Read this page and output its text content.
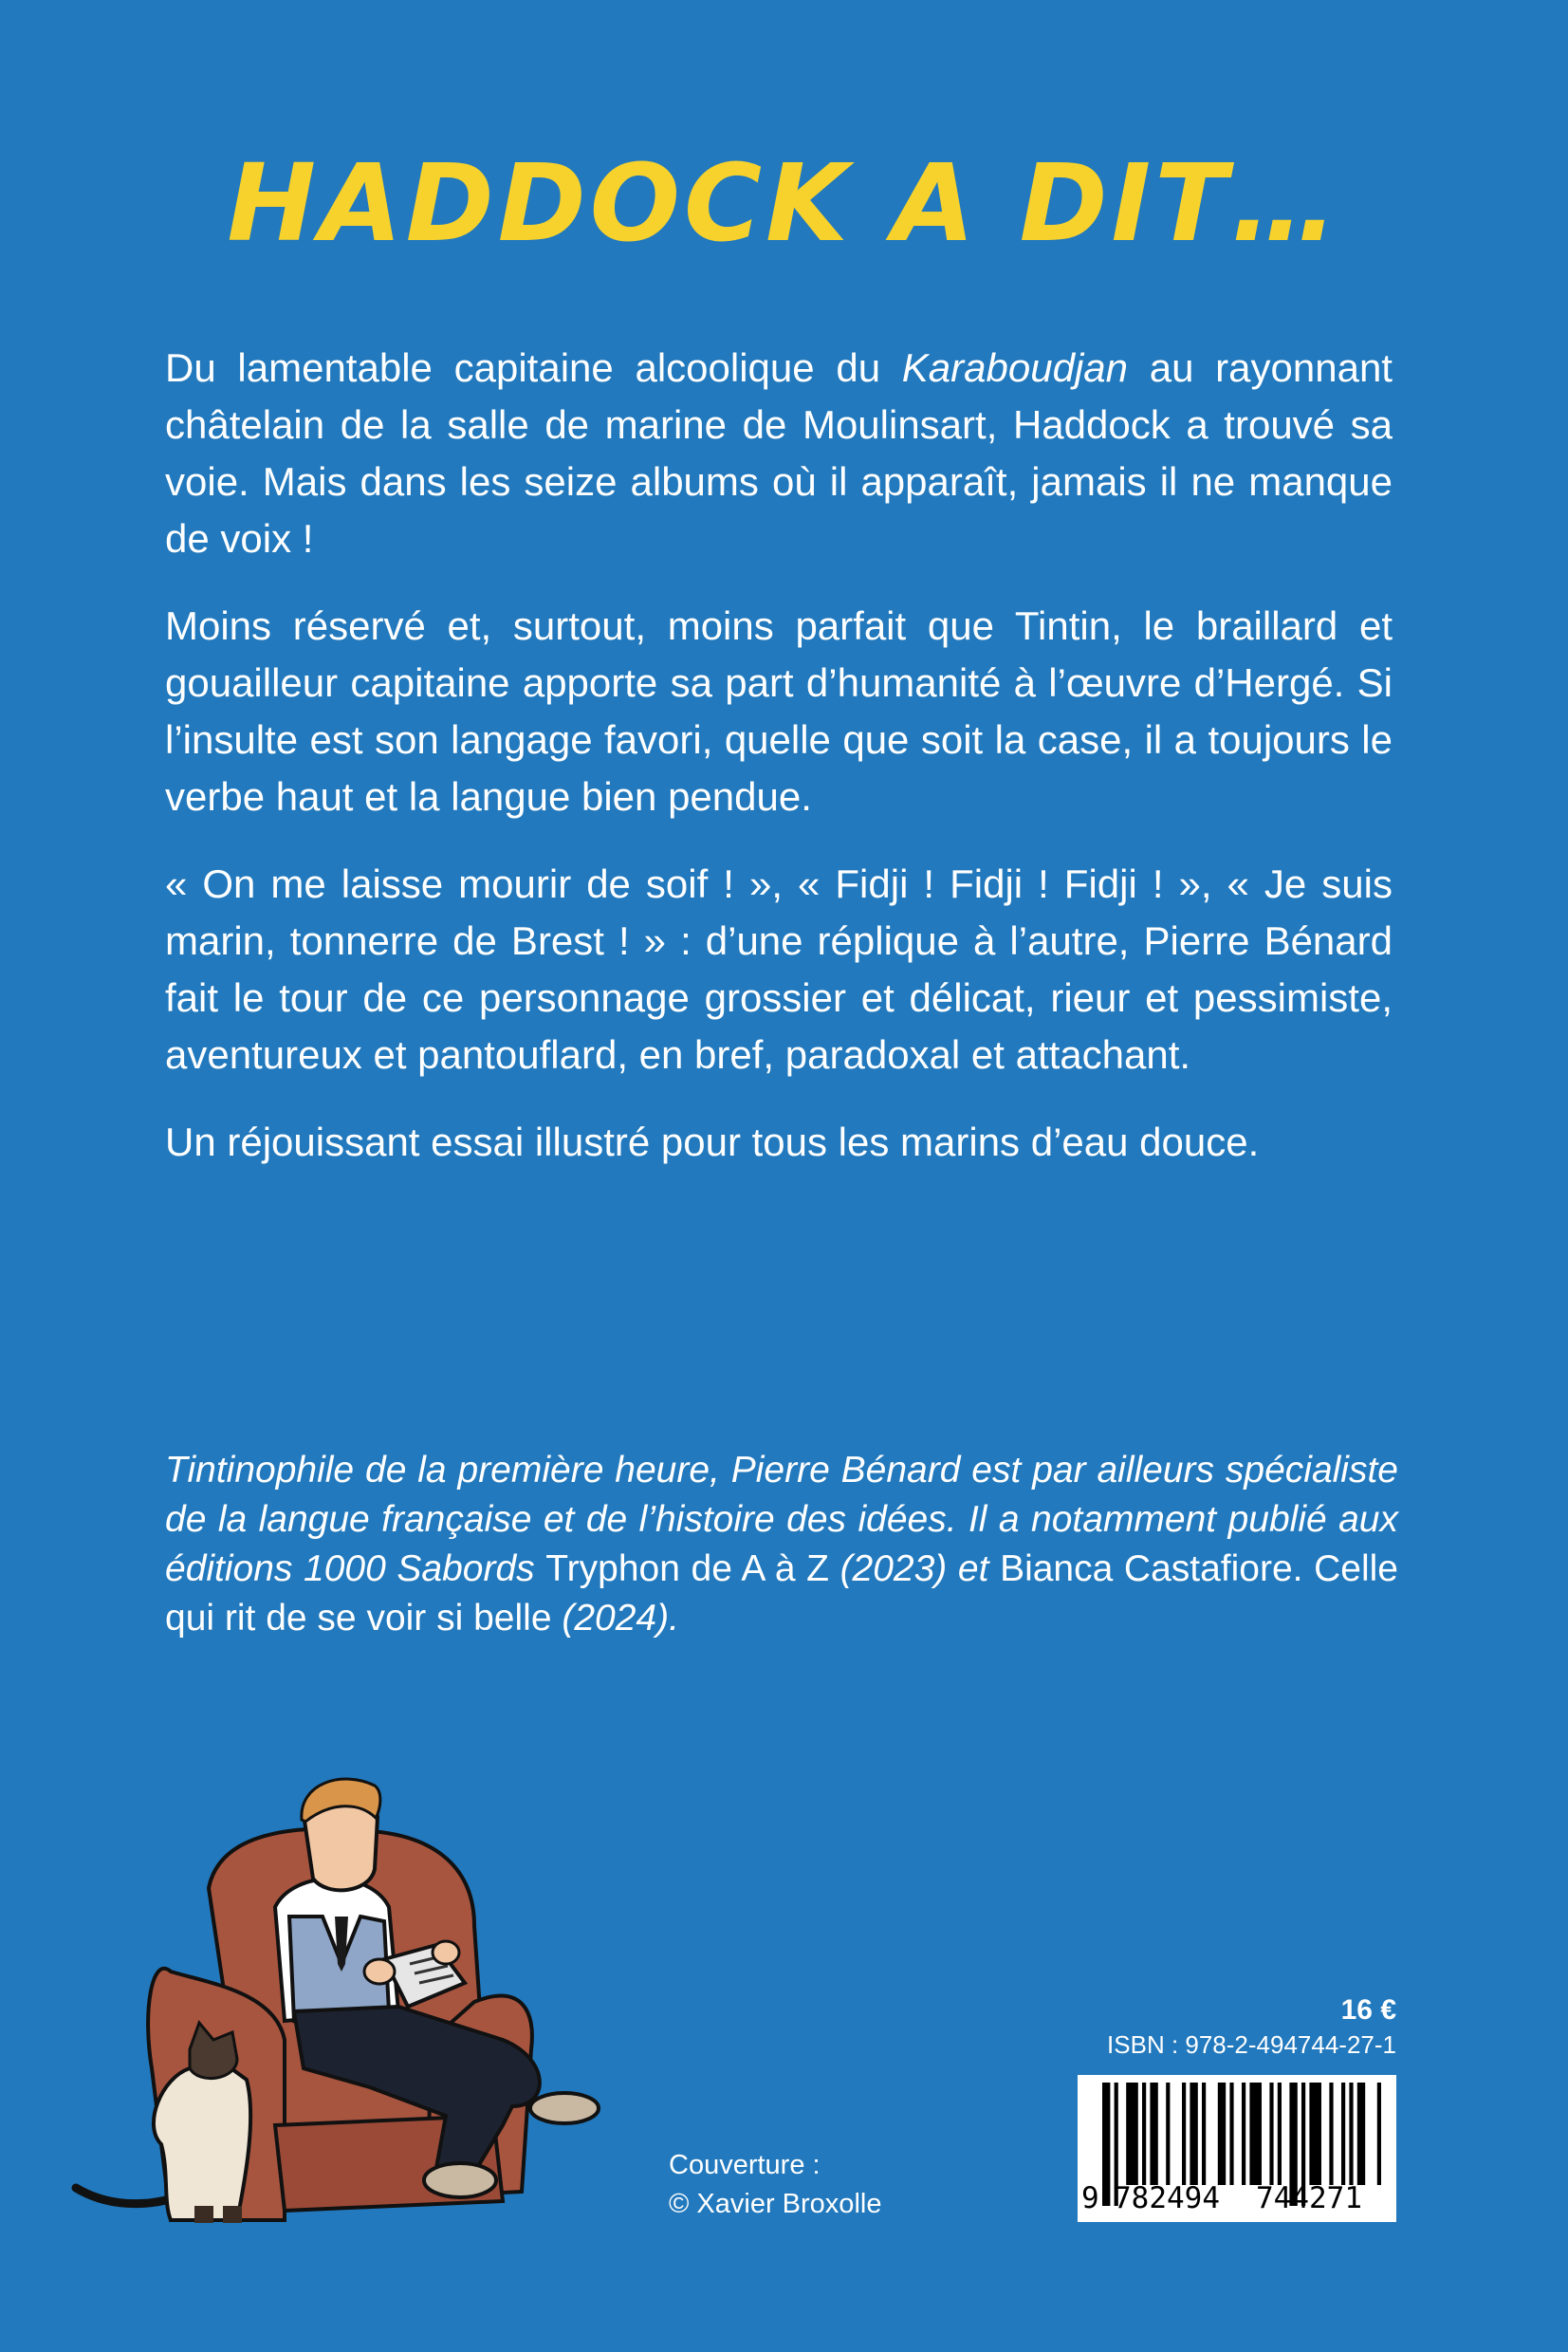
HADDOCK A DIT…

Du lamentable capitaine alcoolique du Karaboudjan au rayonnant châtelain de la salle de marine de Moulinsart, Haddock a trouvé sa voie. Mais dans les seize albums où il apparaît, jamais il ne manque de voix !

Moins réservé et, surtout, moins parfait que Tintin, le braillard et gouailleur capitaine apporte sa part d’humanité à l’œuvre d’Hergé. Si l’insulte est son langage favori, quelle que soit la case, il a toujours le verbe haut et la langue bien pendue.

« On me laisse mourir de soif ! », « Fidji ! Fidji ! Fidji ! », « Je suis marin, tonnerre de Brest ! » : d’une réplique à l’autre, Pierre Bénard fait le tour de ce personnage grossier et délicat, rieur et pessimiste, aventureux et pantouflard, en bref, paradoxal et attachant.

Un réjouissant essai illustré pour tous les marins d’eau douce.

Tintinophile de la première heure, Pierre Bénard est par ailleurs spécialiste de la langue française et de l’histoire des idées. Il a notamment publié aux éditions 1000 Sabords Tryphon de A à Z (2023) et Bianca Castafiore. Celle qui rit de se voir si belle (2024).
Couverture :
© Xavier Broxolle
16 €
ISBN : 978-2-494744-27-1
9 782494 744271
